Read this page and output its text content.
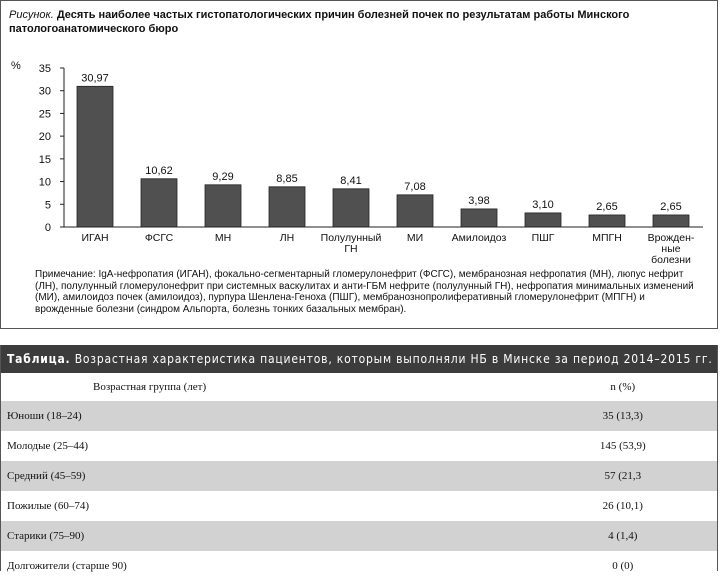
Рисунок. Десять наиболее частых гистопатологических причин болезней почек по результатам работы Минского патологоанатомического бюро
%
0
5
10
15
20
25
30
35
30,97
10,62
9,29	8,85	8,41
7,08
3,98	3,10	2,65	2,65
ИГАН	ФСГС	МН	ЛН	Полулунный ГН
МИ	Амилоидоз ПШГ	МПГН Врожден-ные болезни
Примечание: IgA-нефропатия (ИГАН), фокально-сегментарный гломерулонефрит (ФСГС), мембранозная нефропатия (МН), люпус нефрит (ЛН), полулунный гломерулонефрит при системных васкулитах и анти-ГБМ нефрите (полулунный ГН), нефропатия минимальных изменений (МИ), амилоидоз почек (амилоидоз), пурпура Шенлена-Геноха (ПШГ), мембранознопролиферативный гломерулонефрит (МПГН) и врожденные болезни (синдром Альпорта, болезнь тонких базальных мембран).
Таблица. Возрастная характеристика пациентов, которым выполняли НБ в Минске за период 2014–2015 гг.
Возрастная группа (лет)	n (%)
Юноши (18–24)	35 (13,3)
Молодые (25–44)	145 (53,9)
Средний (45–59)	57 (21,3
Пожилые (60–74)	26 (10,1)
Старики (75–90)	4 (1,4)
Долгожители (старше 90)	0 (0)
